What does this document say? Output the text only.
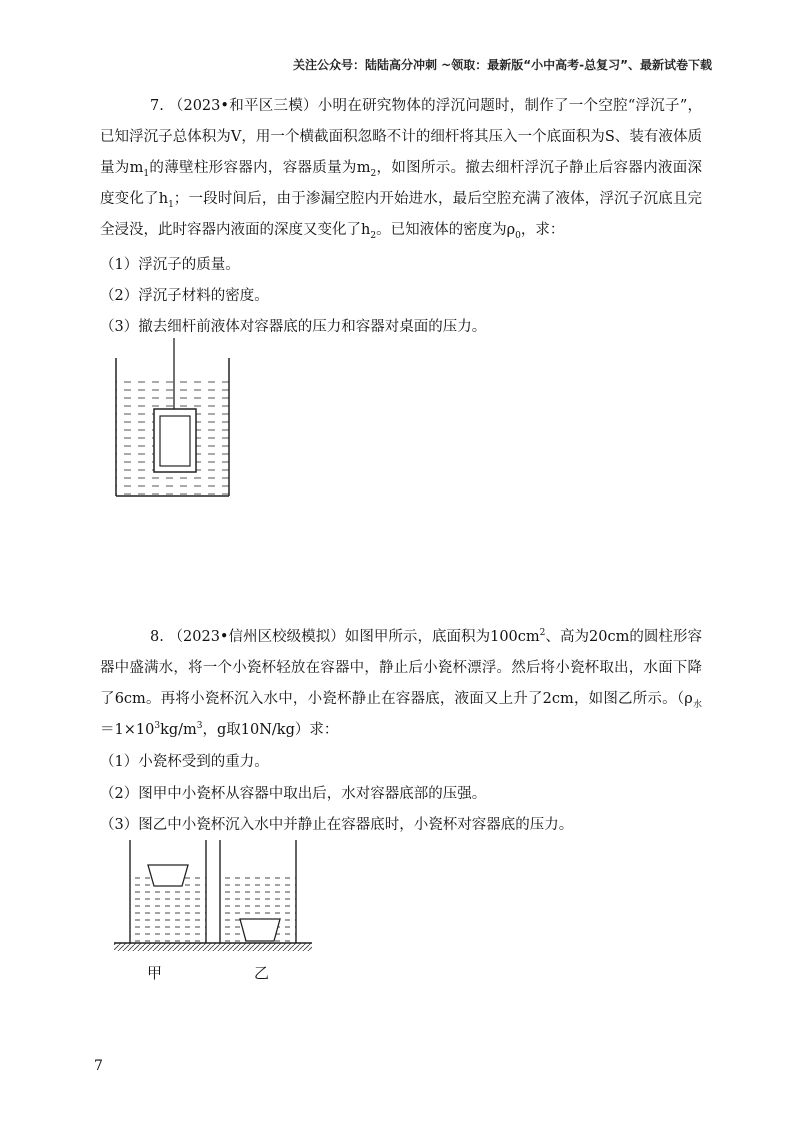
关注公众号：陆陆高分冲刺 ~领取：最新版“小中高考-总复习”、最新试卷下载
7. （2023•和平区三模）小明在研究物体的浮沉问题时，制作了一个空腔“浮沉子”，已知浮沉子总体积为V，用一个横截面积忽略不计的细杆将其压入一个底面积为S、装有液体质量为$m_1$的薄壁柱形容器内，容器质量为$m_2$，如图所示。撤去细杆浮沉子静止后容器内液面深度变化了$h_1$；一段时间后，由于渗漏空腔内开始进水，最后空腔充满了液体，浮沉子沉底且完全浸没，此时容器内液面的深度又变化了$h_2$。已知液体的密度为$\rho_0$，求：
（1）浮沉子的质量。
（2）浮沉子材料的密度。
（3）撤去细杆前液体对容器底的压力和容器对桌面的压力。
8. （2023•信州区校级模拟）如图甲所示，底面积为$100cm^2$、高为20cm的圆柱形容器中盛满水，将一个小瓷杯轻放在容器中，静止后小瓷杯漂浮。然后将小瓷杯取出，水面下降了6cm。再将小瓷杯沉入水中，小瓷杯静止在容器底，液面又上升了2cm，如图乙所示。（$\rho_水=1\times 10^3kg/m^3$，g取10N/kg）求：
（1）小瓷杯受到的重力。
（2）图甲中小瓷杯从容器中取出后，水对容器底部的压强。
（3）图乙中小瓷杯沉入水中并静止在容器底时，小瓷杯对容器底的压力。
甲	乙
7
